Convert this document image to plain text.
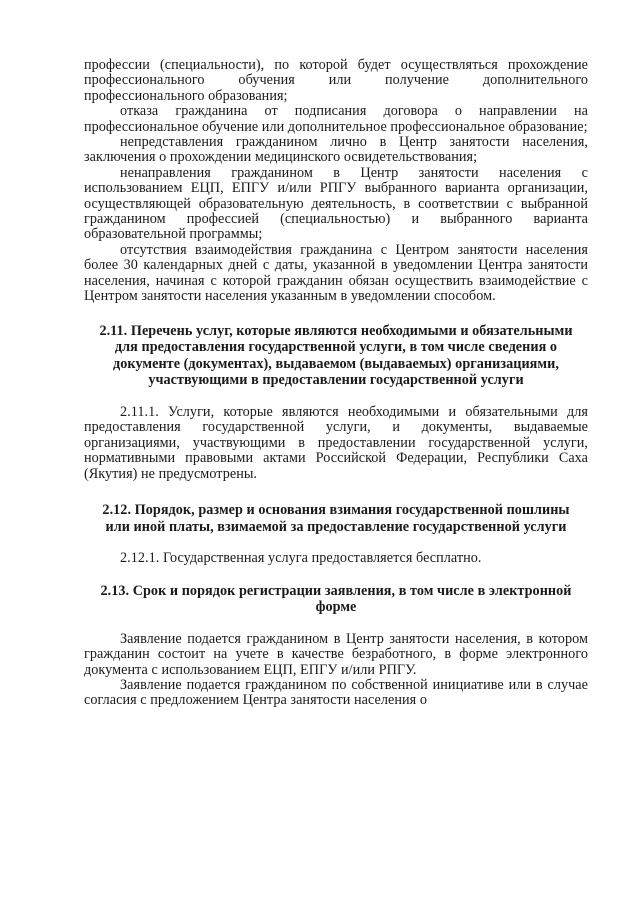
профессии (специальности), по которой будет осуществляться прохождение профессионального обучения или получение дополнительного профессионального образования;

отказа гражданина от подписания договора о направлении на профессиональное обучение или дополнительное профессиональное образование;

непредставления гражданином лично в Центр занятости населения, заключения о прохождении медицинского освидетельствования;

ненаправления гражданином в Центр занятости населения с использованием ЕЦП, ЕПГУ и/или РПГУ выбранного варианта организации, осуществляющей образовательную деятельность, в соответствии с выбранной гражданином профессией (специальностью) и выбранного варианта образовательной программы;

отсутствия взаимодействия гражданина с Центром занятости населения более 30 календарных дней с даты, указанной в уведомлении Центра занятости населения, начиная с которой гражданин обязан осуществить взаимодействие с Центром занятости населения указанным в уведомлении способом.

2.11. Перечень услуг, которые являются необходимыми и обязательными для предоставления государственной услуги, в том числе сведения о документе (документах), выдаваемом (выдаваемых) организациями, участвующими в предоставлении государственной услуги

2.11.1. Услуги, которые являются необходимыми и обязательными для предоставления государственной услуги, и документы, выдаваемые организациями, участвующими в предоставлении государственной услуги, нормативными правовыми актами Российской Федерации, Республики Саха (Якутия) не предусмотрены.

2.12. Порядок, размер и основания взимания государственной пошлины или иной платы, взимаемой за предоставление государственной услуги

2.12.1. Государственная услуга предоставляется бесплатно.

2.13. Срок и порядок регистрации заявления, в том числе в электронной форме

Заявление подается гражданином в Центр занятости населения, в котором гражданин состоит на учете в качестве безработного, в форме электронного документа с использованием ЕЦП, ЕПГУ и/или РПГУ.

Заявление подается гражданином по собственной инициативе или в случае согласия с предложением Центра занятости населения о
